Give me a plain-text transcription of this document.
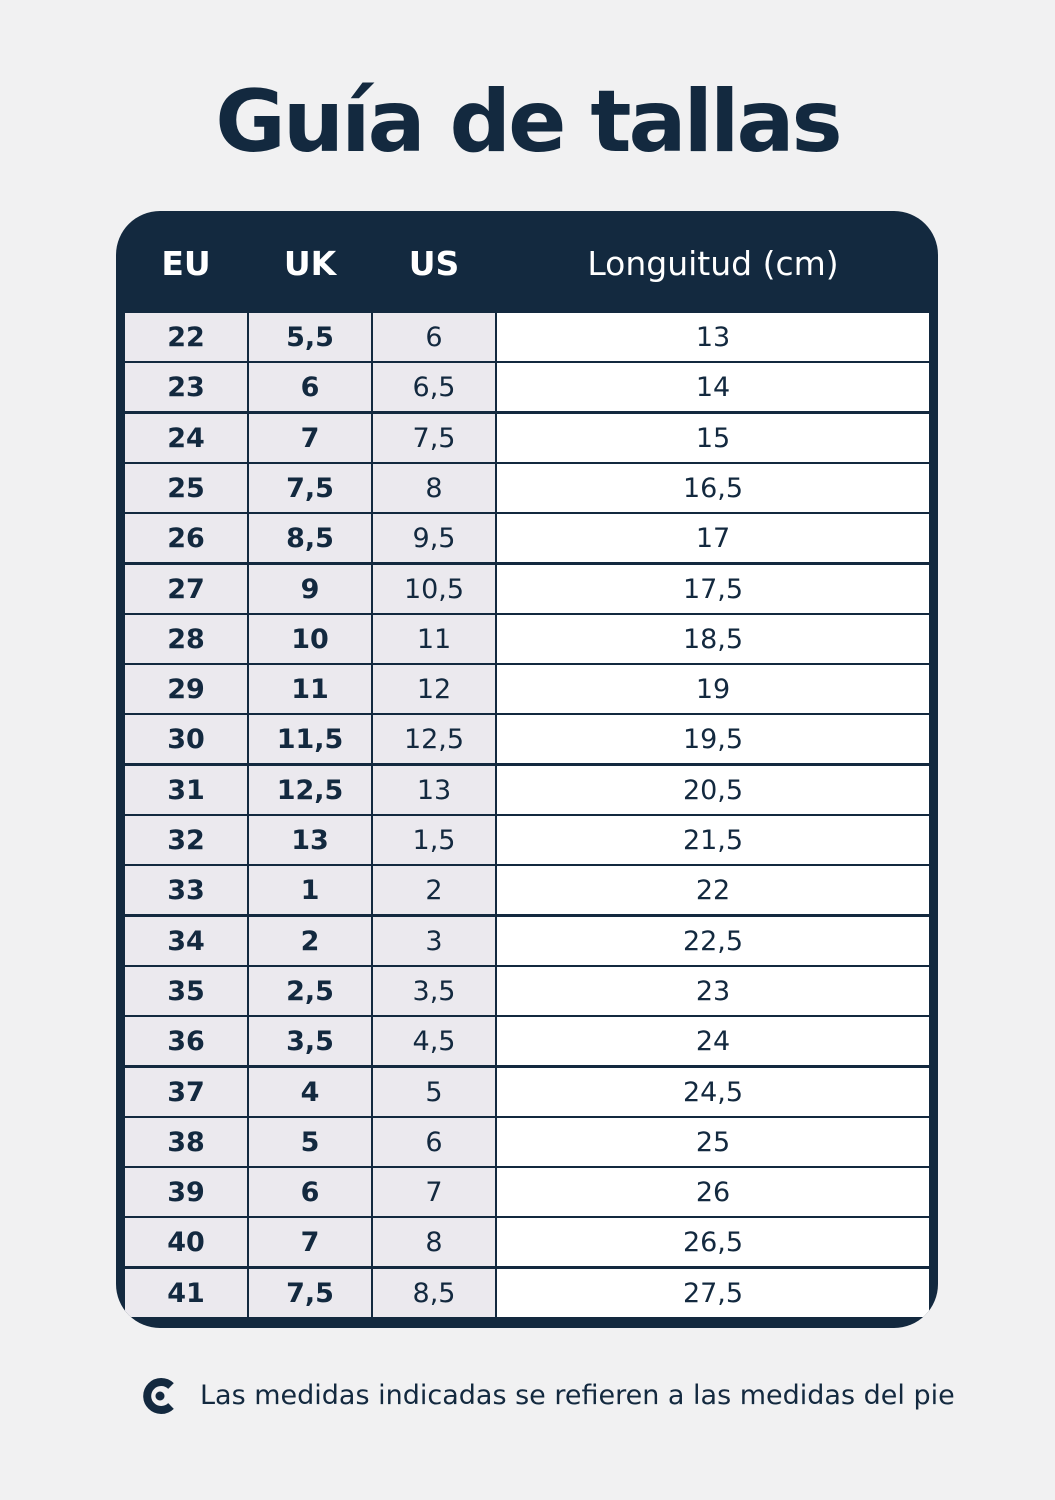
Guía de tallas
EU	UK	US	Longuitud (cm)
22	5,5	6	13
23	6	6,5	14
24	7	7,5	15
25	7,5	8	16,5
26	8,5	9,5	17
27	9	10,5	17,5
28	10	11	18,5
29	11	12	19
30	11,5	12,5	19,5
31	12,5	13	20,5
32	13	1,5	21,5
33	1	2	22
34	2	3	22,5
35	2,5	3,5	23
36	3,5	4,5	24
37	4	5	24,5
38	5	6	25
39	6	7	26
40	7	8	26,5
41	7,5	8,5	27,5
Las medidas indicadas se refieren a las medidas del pie
